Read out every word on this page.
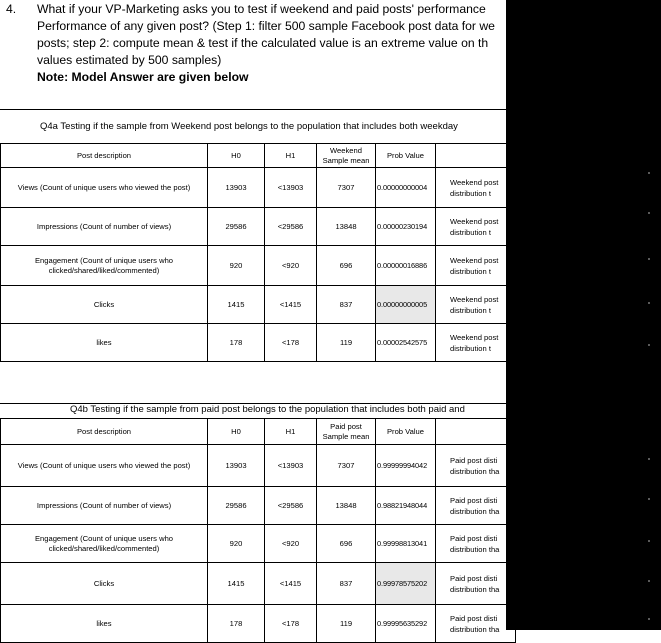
4. What if your VP-Marketing asks you to test if weekend and paid posts' performance
Performance of any given post? (Step 1: filter 500 sample Facebook post data for we
posts; step 2: compute mean & test if the calculated value is an extreme value on th
values estimated by 500 samples)
Note: Model Answer are given below
Q4a Testing if the sample from Weekend post belongs to the population that includes both weekday
Post description	H0	H1	Weekend Sample mean	Prob Value	
Views (Count of unique users who viewed the post)	13903	<13903	7307	0.00000000004	Weekend post distribution t
Impressions (Count of number of views)	29586	<29586	13848	0.00000230194	Weekend post distribution t
Engagement (Count of unique users who clicked/shared/liked/commented)	920	<920	696	0.00000016886	Weekend post distribution t
Clicks	1415	<1415	837	0.00000000005	Weekend post distribution t
likes	178	<178	119	0.00002542575	Weekend post distribution t
Q4b Testing if the sample from paid post belongs to the population that includes both paid and
Post description	H0	H1	Paid post Sample mean	Prob Value	
Views (Count of unique users who viewed the post)	13903	<13903	7307	0.99999994042	Paid post disti distribution tha
Impressions (Count of number of views)	29586	<29586	13848	0.98821948044	Paid post disti distribution tha
Engagement (Count of unique users who clicked/shared/liked/commented)	920	<920	696	0.99998813041	Paid post disti distribution tha
Clicks	1415	<1415	837	0.99978575202	Paid post disti distribution tha
likes	178	<178	119	0.99995635292	Paid post disti distribution tha
